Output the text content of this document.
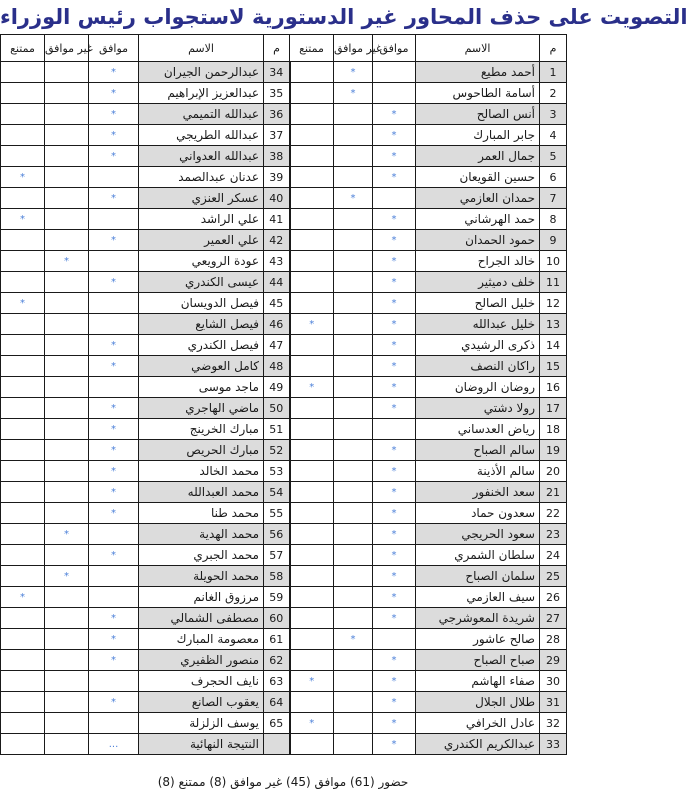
التصويت على حذف المحاور غير الدستورية لاستجواب رئيس الوزراء
ممتنع	غير موافق	موافق	الاسم	م	ممتنع	غير موافق	موافق	الاسم	م
		*	عبدالرحمن الجيران	34		*		أحمد مطيع	1
		*	عبدالعزيز الإبراهيم	35		*		أسامة الطاحوس	2
		*	عبدالله التميمي	36			*	أنس الصالح	3
		*	عبدالله الطريجي	37			*	جابر المبارك	4
		*	عبدالله العدواني	38			*	جمال العمر	5
*			عدنان عبدالصمد	39			*	حسين القويعان	6
		*	عسكر العنزي	40		*		حمدان العازمي	7
*			علي الراشد	41			*	حمد الهرشاني	8
		*	علي العمير	42			*	حمود الحمدان	9
	*		عودة الرويعي	43			*	خالد الجراح	10
		*	عيسى الكندري	44			*	خلف دميثير	11
*			فيصل الدويسان	45			*	خليل الصالح	12
			فيصل الشايع	46	*		*	خليل عبدالله	13
		*	فيصل الكندري	47			*	ذكرى الرشيدي	14
		*	كامل العوضي	48			*	راكان النصف	15
			ماجد موسى	49	*		*	روضان الروضان	16
		*	ماضي الهاجري	50			*	رولا دشتي	17
		*	مبارك الخرينج	51				رياض العدساني	18
		*	مبارك الحريص	52			*	سالم الصباح	19
		*	محمد الخالد	53			*	سالم الأذينة	20
		*	محمد العبدالله	54			*	سعد الخنفور	21
		*	محمد طنا	55			*	سعدون حماد	22
	*		محمد الهدية	56			*	سعود الحريجي	23
		*	محمد الجبري	57			*	سلطان الشمري	24
	*		محمد الحويلة	58			*	سلمان الصباح	25
*			مرزوق الغانم	59			*	سيف العازمي	26
		*	مصطفى الشمالي	60			*	شريدة المعوشرجي	27
		*	معصومة المبارك	61		*		صالح عاشور	28
		*	منصور الظفيري	62			*	صباح الصباح	29
			نايف الحجرف	63	*		*	صفاء الهاشم	30
		*	يعقوب الصانع	64			*	طلال الجلال	31
			يوسف الزلزلة	65	*		*	عادل الخرافي	32
		...	النتيجة النهائية				*	عبدالكريم الكندري	33
حضور (61) موافق (45) غير موافق (8) ممتنع (8)
